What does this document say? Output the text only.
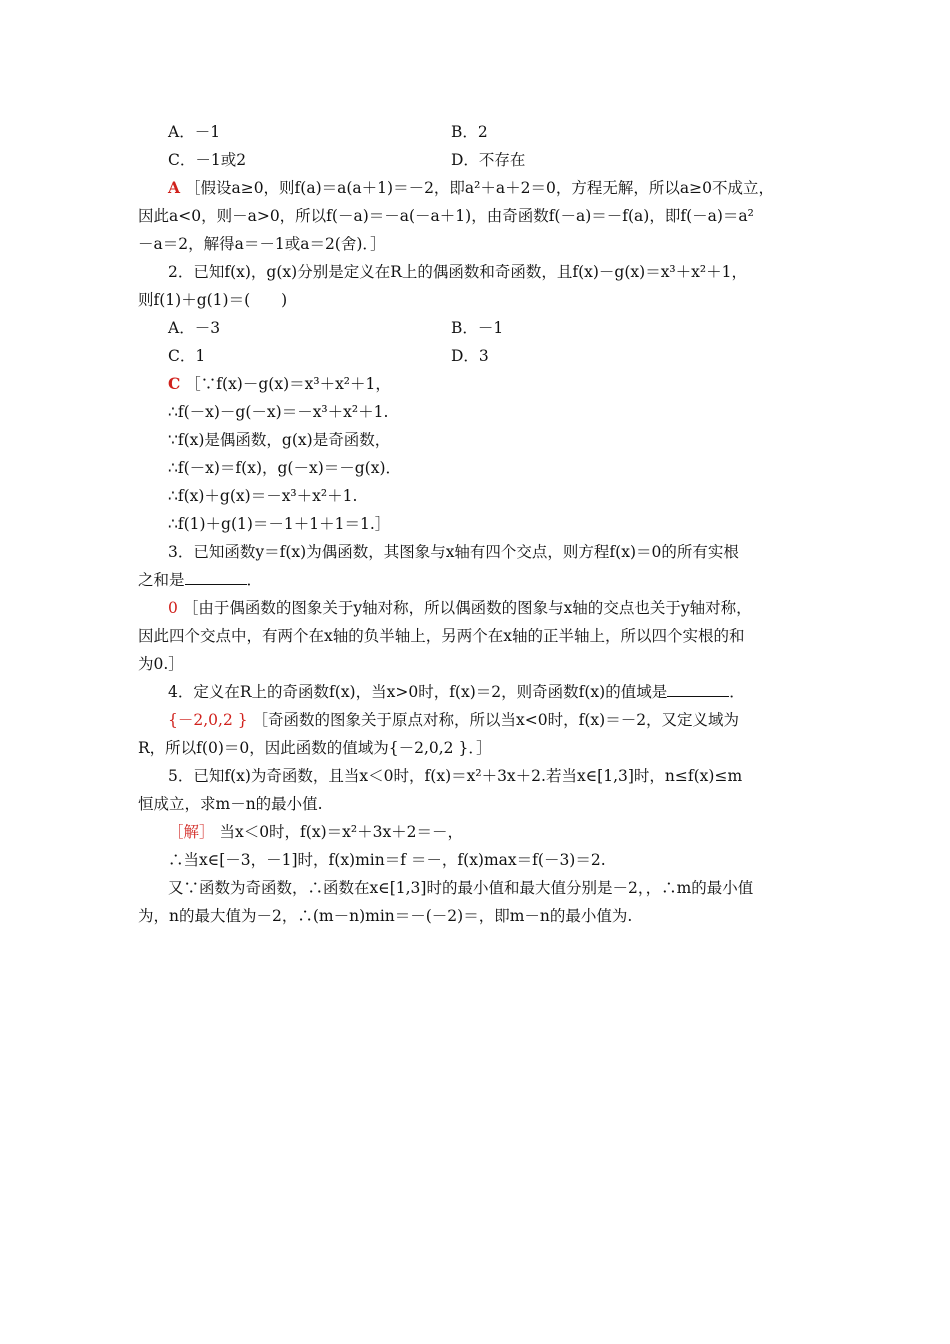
A．－1	B．2
C．－1或2	D．不存在
A ［假设a≥0，则f(a)＝a(a＋1)＝－2，即a²＋a＋2＝0，方程无解，所以a≥0不成立，
因此a<0，则－a>0，所以f(－a)＝－a(－a＋1)，由奇函数f(－a)＝－f(a)，即f(－a)＝a²
－a＝2，解得a＝－1或a＝2(舍)．］
2．已知f(x)，g(x)分别是定义在R上的偶函数和奇函数，且f(x)－g(x)＝x³＋x²＋1，
则f(1)＋g(1)＝(　　)
A．－3	B．－1
C．1	D．3
C ［∵f(x)－g(x)＝x³＋x²＋1，
∴f(－x)－g(－x)＝－x³＋x²＋1.
∵f(x)是偶函数，g(x)是奇函数，
∴f(－x)＝f(x)，g(－x)＝－g(x)．
∴f(x)＋g(x)＝－x³＋x²＋1.
∴f(1)＋g(1)＝－1＋1＋1＝1.］
3．已知函数y＝f(x)为偶函数，其图象与x轴有四个交点，则方程f(x)＝0的所有实根
之和是	．
0 ［由于偶函数的图象关于y轴对称，所以偶函数的图象与x轴的交点也关于y轴对称，
因此四个交点中，有两个在x轴的负半轴上，另两个在x轴的正半轴上，所以四个实根的和
为0.］
4．定义在R上的奇函数f(x)，当x>0时，f(x)＝2，则奇函数f(x)的值域是	．
{－2,0,2 } ［奇函数的图象关于原点对称，所以当x<0时，f(x)＝－2，又定义域为
R，所以f(0)＝0，因此函数的值域为{－2,0,2 }．］
5．已知f(x)为奇函数，且当x＜0时，f(x)＝x²＋3x＋2.若当x∈[1,3]时，n≤f(x)≤m
恒成立，求m－n的最小值.
［解］ 当x＜0时，f(x)＝x²＋3x＋2＝－，
∴当x∈[－3，－1]时，f(x)min＝f ＝－，f(x)max＝f(－3)＝2.
又∵函数为奇函数，∴函数在x∈[1,3]时的最小值和最大值分别是－2，，∴m的最小值
为，n的最大值为－2，∴(m－n)min＝－(－2)＝，即m－n的最小值为.
